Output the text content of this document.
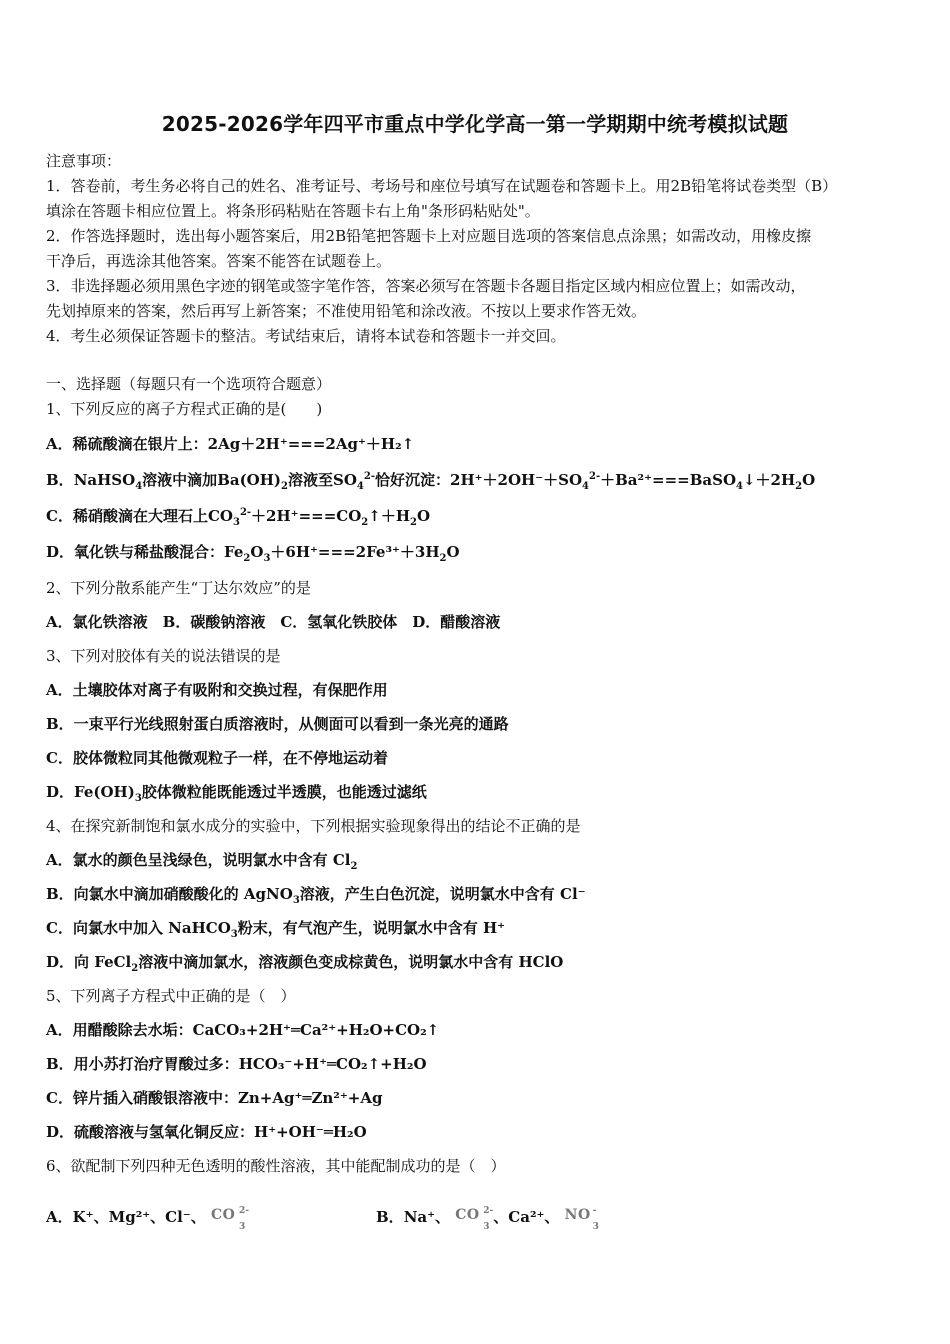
2025-2026学年四平市重点中学化学高一第一学期期中统考模拟试题
注意事项：
1．答卷前，考生务必将自己的姓名、准考证号、考场号和座位号填写在试题卷和答题卡上。用2B铅笔将试卷类型（B）
填涂在答题卡相应位置上。将条形码粘贴在答题卡右上角"条形码粘贴处"。
2．作答选择题时，选出每小题答案后，用2B铅笔把答题卡上对应题目选项的答案信息点涂黑；如需改动，用橡皮擦
干净后，再选涂其他答案。答案不能答在试题卷上。
3．非选择题必须用黑色字迹的钢笔或签字笔作答，答案必须写在答题卡各题目指定区域内相应位置上；如需改动，
先划掉原来的答案，然后再写上新答案；不准使用铅笔和涂改液。不按以上要求作答无效。
4．考生必须保证答题卡的整洁。考试结束后，请将本试卷和答题卡一并交回。
一、选择题（每题只有一个选项符合题意）
1、下列反应的离子方程式正确的是(　　)
A．稀硫酸滴在银片上：2Ag＋2H⁺===2Ag⁺＋H₂↑
B．NaHSO$_4$溶液中滴加$Ba(OH)_2$溶液至$SO_4^{2-}$恰好沉淀：$2H^++2OH^-+SO_4^{2-}+Ba^{2+}===BaSO_4↓+2H_2O$
C．稀硝酸滴在大理石上$CO_3^{2-}+2H^+===CO_2↑+H_2O$
D．氧化铁与稀盐酸混合：$Fe_2O_3+6H^+===2Fe^{3+}+3H_2O$
2、下列分散系能产生“丁达尔效应”的是
A．氯化铁溶液　B．碳酸钠溶液　C．氢氧化铁胶体　D．醋酸溶液
3、下列对胶体有关的说法错误的是
A．土壤胶体对离子有吸附和交换过程，有保肥作用
B．一束平行光线照射蛋白质溶液时，从侧面可以看到一条光亮的通路
C．胶体微粒同其他微观粒子一样，在不停地运动着
D．$Fe(OH)_3$胶体微粒能既能透过半透膜，也能透过滤纸
4、在探究新制饱和氯水成分的实验中，下列根据实验现象得出的结论不正确的是
A．氯水的颜色呈浅绿色，说明氯水中含有 $Cl_2$
B．向氯水中滴加硝酸酸化的 AgNO$_3$溶液，产生白色沉淀，说明氯水中含有 Cl⁻
C．向氯水中加入 NaHCO$_3$粉末，有气泡产生，说明氯水中含有 H⁺
D．向 FeCl$_2$溶液中滴加氯水，溶液颜色变成棕黄色，说明氯水中含有 HClO
5、下列离子方程式中正确的是（　）
A．用醋酸除去水垢：CaCO₃+2H⁺═Ca²⁺+H₂O+CO₂↑
B．用小苏打治疗胃酸过多：HCO₃⁻+H⁺═CO₂↑+H₂O
C．锌片插入硝酸银溶液中：Zn+Ag⁺═Zn²⁺+Ag
D．硫酸溶液与氢氧化铜反应：H⁺+OH⁻═H₂O
6、欲配制下列四种无色透明的酸性溶液，其中能配制成功的是（　）
A．K⁺、Mg²⁺、Cl⁻、 CO 2-
3
B．Na⁺、 CO 2-
3
、Ca²⁺、 NO -
3
